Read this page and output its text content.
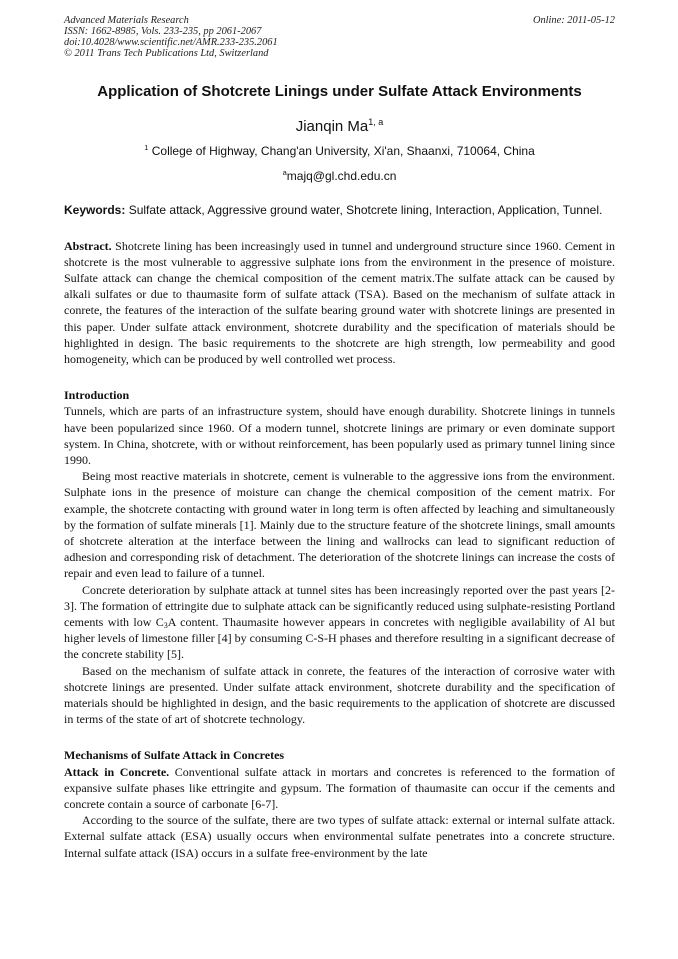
Advanced Materials Research
ISSN: 1662-8985, Vols. 233-235, pp 2061-2067
doi:10.4028/www.scientific.net/AMR.233-235.2061
© 2011 Trans Tech Publications Ltd, Switzerland
Online: 2011-05-12
Application of Shotcrete Linings under Sulfate Attack Environments
Jianqin Ma$^{1, a}$
$^1$ College of Highway, Chang'an University, Xi'an, Shaanxi, 710064, China
$^a$majq@gl.chd.edu.cn
Keywords: Sulfate attack, Aggressive ground water, Shotcrete lining, Interaction, Application, Tunnel.

Abstract. Shotcrete lining has been increasingly used in tunnel and underground structure since 1960. Cement in shotcrete is the most vulnerable to aggressive sulphate ions from the environment in the presence of moisture. Sulfate attack can change the chemical composition of the cement matrix.The sulfate attack can be caused by alkali sulfates or due to thaumasite form of sulfate attack (TSA). Based on the mechanism of sulfate attack in conrete, the features of the interaction of the sulfate bearing ground water with shotcrete linings are presented in this paper. Under sulfate attack environment, shotcrete durability and the specification of materials should be highlighted in design. The basic requirements to the shotcrete are high strength, low permeability and good homogeneity, which can be produced by well controlled wet process.

Introduction

Tunnels, which are parts of an infrastructure system, should have enough durability. Shotcrete linings in tunnels have been popularized since 1960. Of a modern tunnel, shotcrete linings are primary or even dominate support system. In China, shotcrete, with or without reinforcement, has been popularly used as primary tunnel lining since 1990.

Being most reactive materials in shotcrete, cement is vulnerable to the aggressive ions from the environment. Sulphate ions in the presence of moisture can change the chemical composition of the cement matrix. For example, the shotcrete contacting with ground water in long term is often affected by leaching and simultaneously by the formation of sulfate minerals [1]. Mainly due to the structure feature of the shotcrete linings, small amounts of shotcrete alteration at the interface between the lining and wallrocks can lead to significant reduction of adhesion and corresponding risk of detachment. The deterioration of the shotcrete linings can increase the costs of repair and even lead to failure of a tunnel.

Concrete deterioration by sulphate attack at tunnel sites has been increasingly reported over the past years [2-3]. The formation of ettringite due to sulphate attack can be significantly reduced using sulphate-resisting Portland cements with low $C_3A$ content. Thaumasite however appears in concretes with negligible availability of Al but higher levels of limestone filler [4] by consuming C-S-H phases and therefore resulting in a significant decrease of the concrete stability [5].

Based on the mechanism of sulfate attack in conrete, the features of the interaction of corrosive water with shotcrete linings are presented. Under sulfate attack environment, shotcrete durability and the specification of materials should be highlighted in design, and the basic requirements to the application of shotcrete are discussed in terms of the state of art of shotcrete technology.

Mechanisms of Sulfate Attack in Concretes

Attack in Concrete. Conventional sulfate attack in mortars and concretes is referenced to the formation of expansive sulfate phases like ettringite and gypsum. The formation of thaumasite can occur if the cements and concrete contain a source of carbonate [6-7].

According to the source of the sulfate, there are two types of sulfate attack: external or internal sulfate attack. External sulfate attack (ESA) usually occurs when environmental sulfate penetrates into a concrete structure. Internal sulfate attack (ISA) occurs in a sulfate free-environment by the late
